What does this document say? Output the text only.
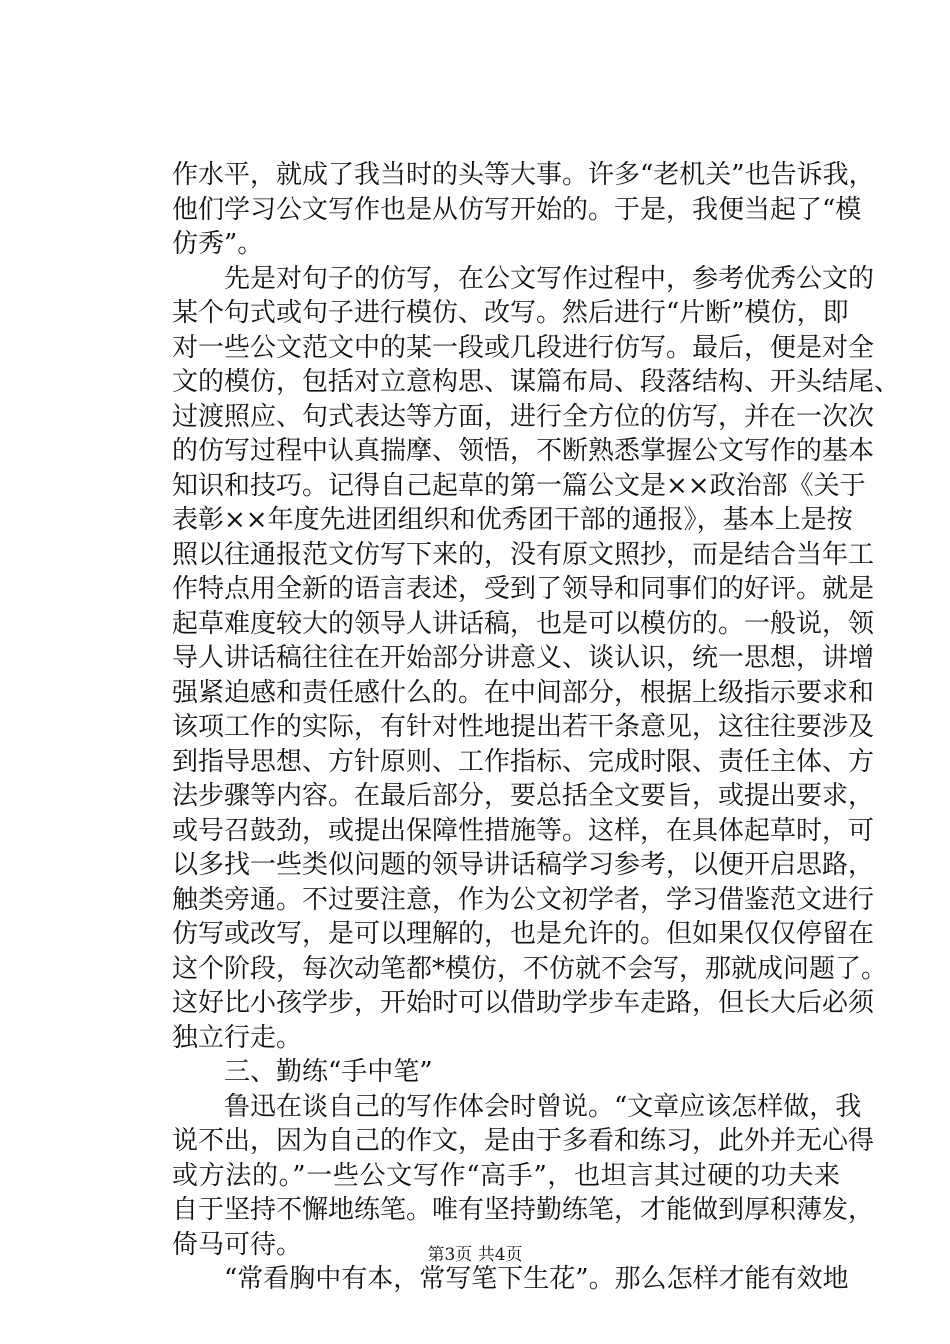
作水平，就成了我当时的头等大事。许多“老机关”也告诉我，
他们学习公文写作也是从仿写开始的。于是，我便当起了“模
仿秀”。
先是对句子的仿写，在公文写作过程中，参考优秀公文的
某个句式或句子进行模仿、改写。然后进行“片断”模仿，即
对一些公文范文中的某一段或几段进行仿写。最后，便是对全
文的模仿，包括对立意构思、谋篇布局、段落结构、开头结尾、
过渡照应、句式表达等方面，进行全方位的仿写，并在一次次
的仿写过程中认真揣摩、领悟，不断熟悉掌握公文写作的基本
知识和技巧。记得自己起草的第一篇公文是××政治部《关于
表彰××年度先进团组织和优秀团干部的通报》，基本上是按
照以往通报范文仿写下来的，没有原文照抄，而是结合当年工
作特点用全新的语言表述，受到了领导和同事们的好评。就是
起草难度较大的领导人讲话稿，也是可以模仿的。一般说，领
导人讲话稿往往在开始部分讲意义、谈认识，统一思想，讲增
强紧迫感和责任感什么的。在中间部分，根据上级指示要求和
该项工作的实际，有针对性地提出若干条意见，这往往要涉及
到指导思想、方针原则、工作指标、完成时限、责任主体、方
法步骤等内容。在最后部分，要总括全文要旨，或提出要求，
或号召鼓劲，或提出保障性措施等。这样，在具体起草时，可
以多找一些类似问题的领导讲话稿学习参考，以便开启思路，
触类旁通。不过要注意，作为公文初学者，学习借鉴范文进行
仿写或改写，是可以理解的，也是允许的。但如果仅仅停留在
这个阶段，每次动笔都*模仿，不仿就不会写，那就成问题了。
这好比小孩学步，开始时可以借助学步车走路，但长大后必须
独立行走。
三、勤练“手中笔”
鲁迅在谈自己的写作体会时曾说。“文章应该怎样做，我
说不出，因为自己的作文，是由于多看和练习，此外并无心得
或方法的。”一些公文写作“高手”，也坦言其过硬的功夫来
自于坚持不懈地练笔。唯有坚持勤练笔，才能做到厚积薄发，
倚马可待。
“常看胸中有本，常写笔下生花”。那么怎样才能有效地
第3页 共4页
